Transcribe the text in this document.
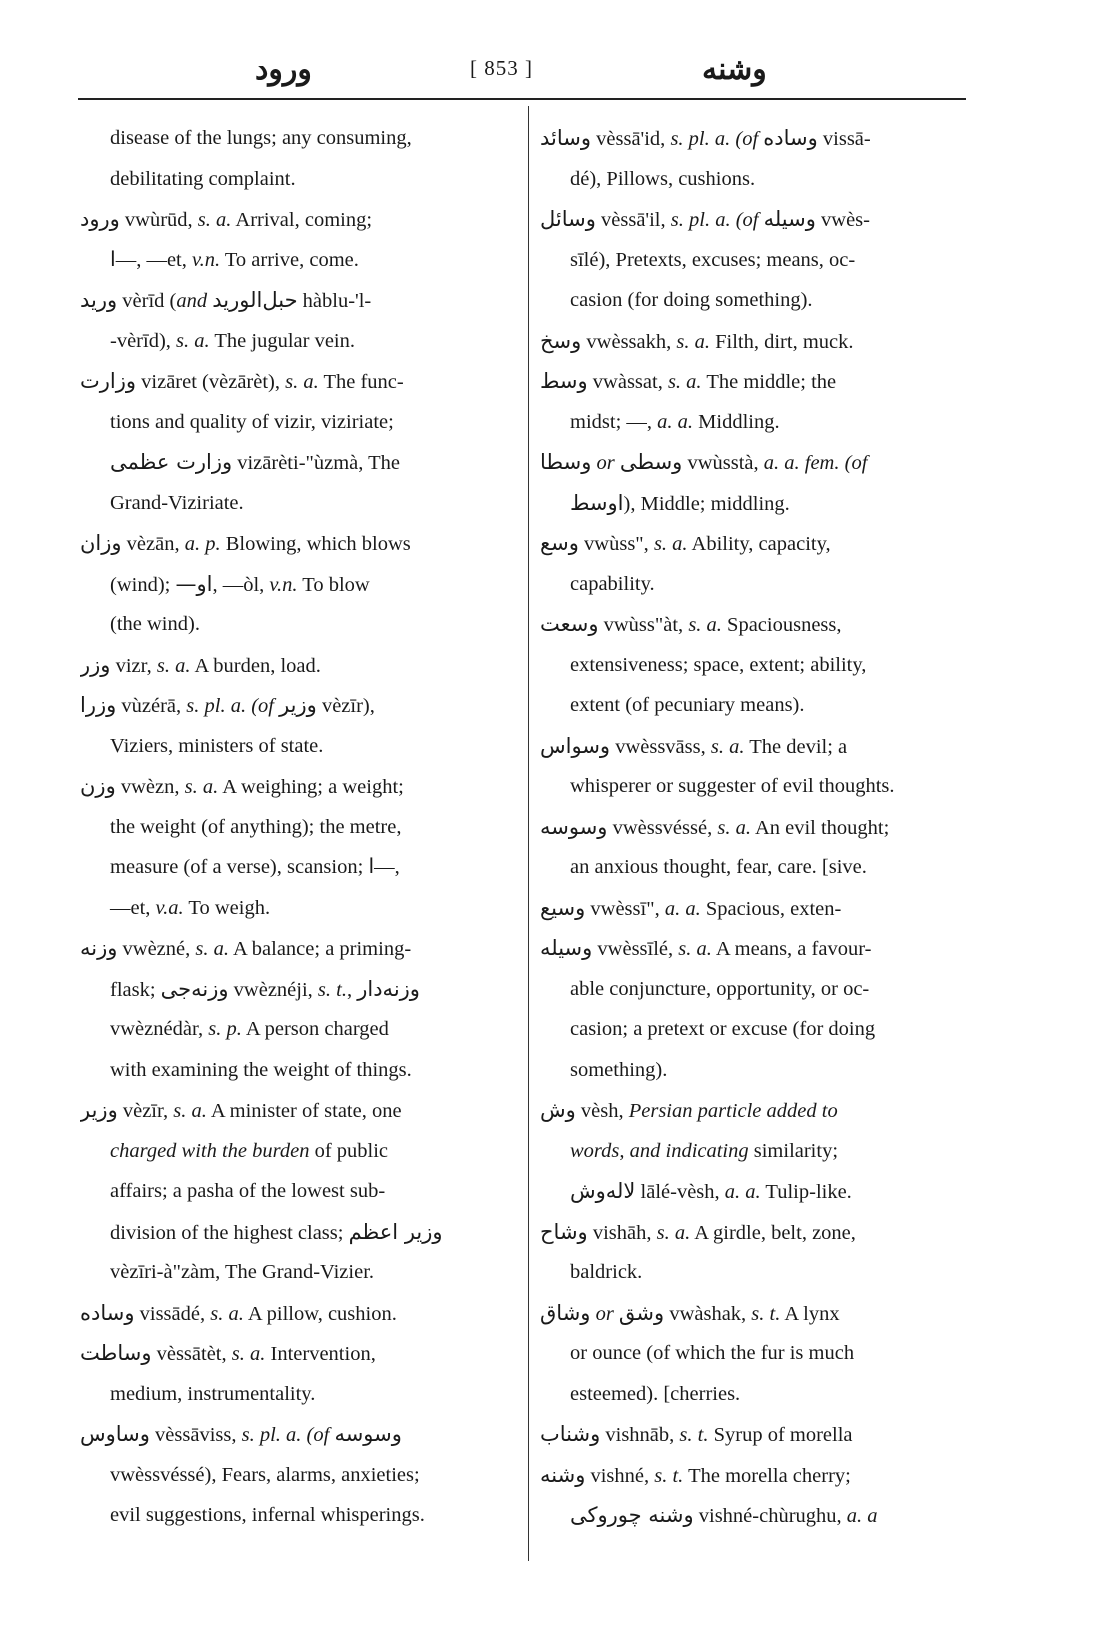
ورود	[ 853 ]	وشنه
disease of the lungs; any consuming,
debilitating complaint.
ورود vwùrūd, s. a. Arrival, coming;
ا—, —et, v.n. To arrive, come.
ورید vèrīd (and حبل‌الورید hàblu-'l-
-vèrīd), s. a. The jugular vein.
وزارت vizāret (vèzārèt), s. a. The func-
tions and quality of vizir, viziriate;
وزارت عظمی vizārèti-"ùzmà, The
Grand-Viziriate.
وزان vèzān, a. p. Blowing, which blows
(wind); او—, —òl, v.n. To blow
(the wind).
وزر vizr, s. a. A burden, load.
وزرا vùzérā, s. pl. a. (of وزیر vèzīr),
Viziers, ministers of state.
وزن vwèzn, s. a. A weighing; a weight;
the weight (of anything); the metre,
measure (of a verse), scansion; ا—,
—et, v.a. To weigh.
وزنه vwèzné, s. a. A balance; a priming-
flask; وزنه‌جی vwèznéji, s. t., وزنه‌دار
vwèznédàr, s. p. A person charged
with examining the weight of things.
وزیر vèzīr, s. a. A minister of state, one
charged with the burden of public
affairs; a pasha of the lowest sub-
division of the highest class; وزیر اعظم
vèzīri-à"zàm, The Grand-Vizier.
وساده vissādé, s. a. A pillow, cushion.
وساطت vèssātèt, s. a. Intervention,
medium, instrumentality.
وساوس vèssāviss, s. pl. a. (of وسوسه
vwèssvéssé), Fears, alarms, anxieties;
evil suggestions, infernal whisperings.
وسائد vèssā'id, s. pl. a. (of وساده vissā-
dé), Pillows, cushions.
وسائل vèssā'il, s. pl. a. (of وسیله vwès-
sīlé), Pretexts, excuses; means, oc-
casion (for doing something).
وسخ vwèssakh, s. a. Filth, dirt, muck.
وسط vwàssat, s. a. The middle; the
midst; —, a. a. Middling.
وسطا or وسطی vwùsstà, a. a. fem. (of
اوسط), Middle; middling.
وسع vwùss", s. a. Ability, capacity,
capability.
وسعت vwùss"àt, s. a. Spaciousness,
extensiveness; space, extent; ability,
extent (of pecuniary means).
وسواس vwèssvāss, s. a. The devil; a
whisperer or suggester of evil thoughts.
وسوسه vwèssvéssé, s. a. An evil thought;
an anxious thought, fear, care. [sive.
وسیع vwèssī", a. a. Spacious, exten-
وسیله vwèssīlé, s. a. A means, a favour-
able conjuncture, opportunity, or oc-
casion; a pretext or excuse (for doing
something).
وش vèsh, Persian particle added to
words, and indicating similarity;
لاله‌وش lālé-vèsh, a. a. Tulip-like.
وشاح vishāh, s. a. A girdle, belt, zone,
baldrick.
وشاق or وشق vwàshak, s. t. A lynx
or ounce (of which the fur is much
esteemed). [cherries.
وشناب vishnāb, s. t. Syrup of morella
وشنه vishné, s. t. The morella cherry;
وشنه چوروکی vishné-chùrughu, a. a
